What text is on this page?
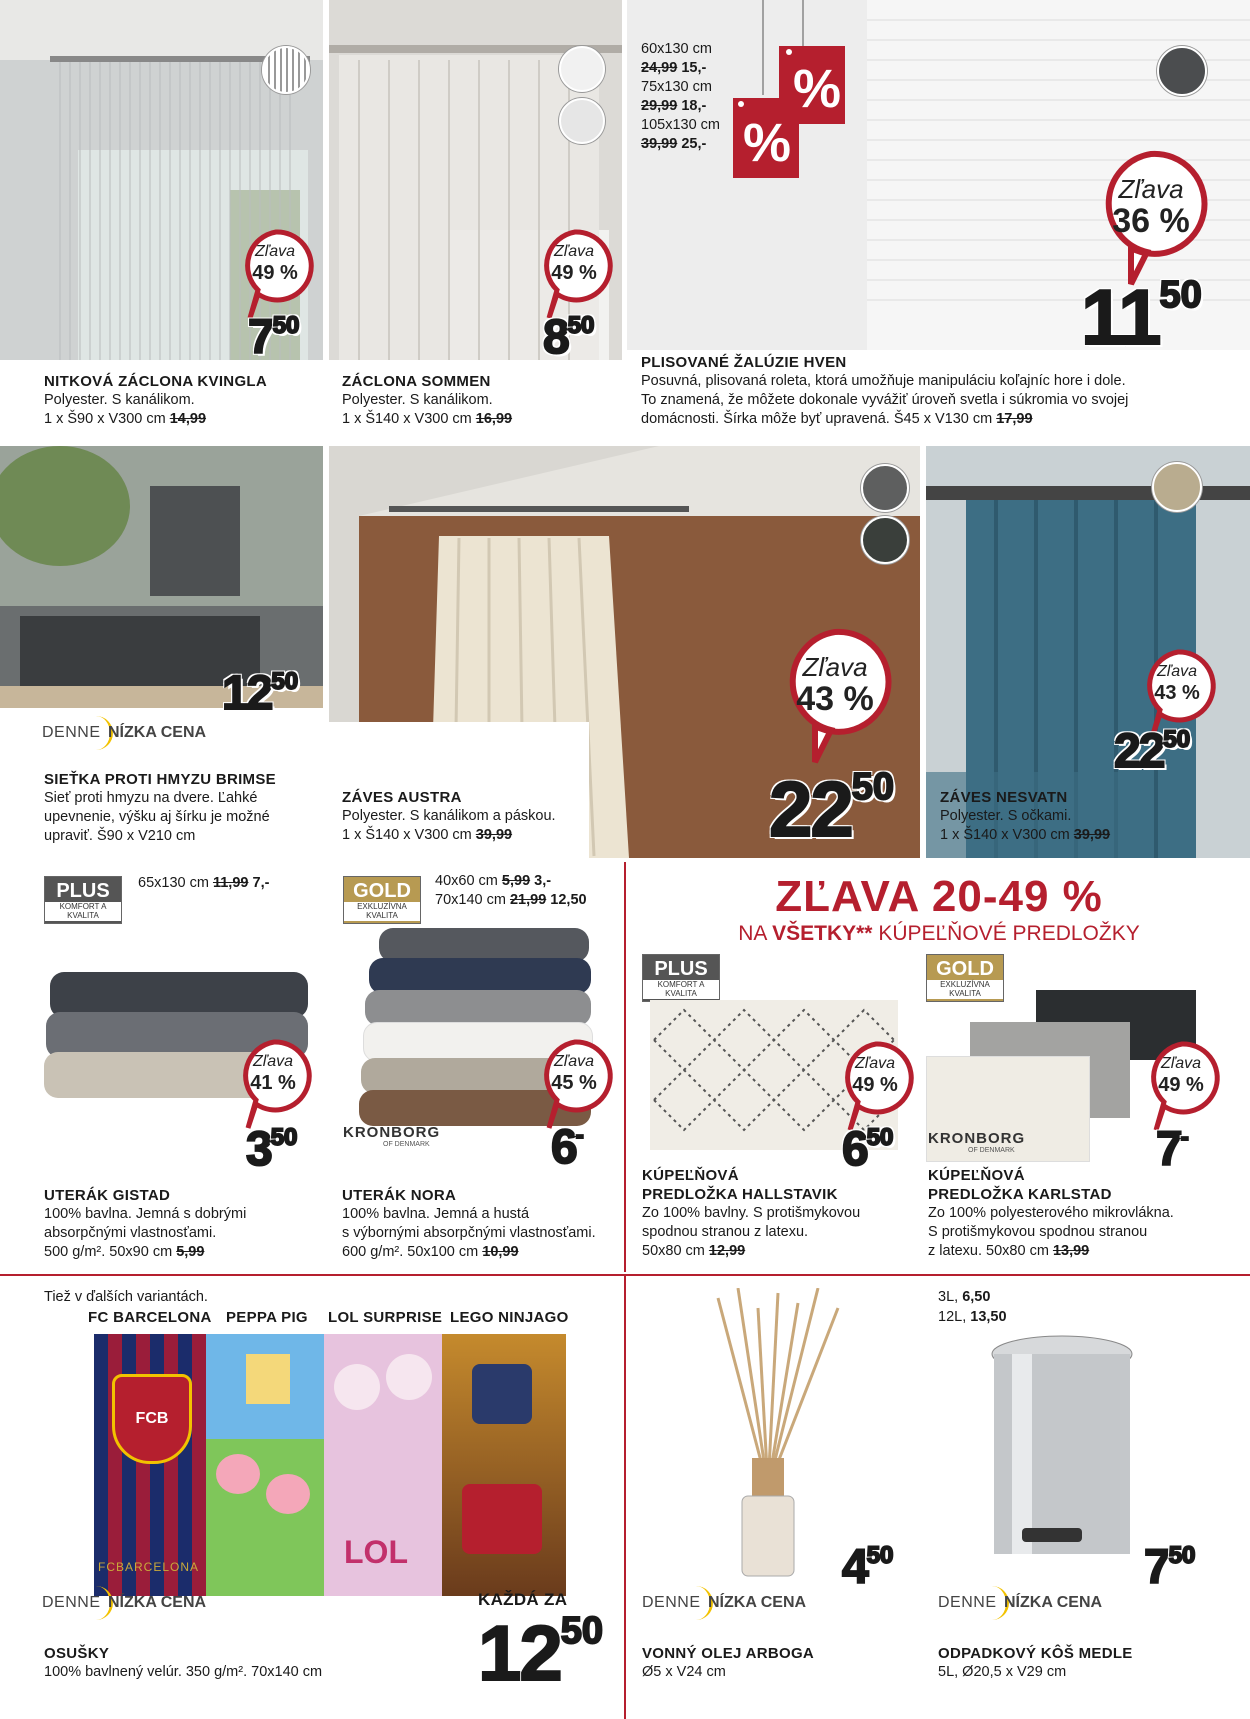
Zľava
49 %
750
NITKOVÁ ZÁCLONA KVINGLA
Polyester. S kanálikom.
1 x Š90 x V300 cm 14,99
Zľava
49 %
850
ZÁCLONA SOMMEN
Polyester. S kanálikom.
1 x Š140 x V300 cm 16,99
%
%
60x130 cm
24,99 15,-
75x130 cm
29,99 18,-
105x130 cm
39,99 25,-
Zľava
36 %
1150
PLISOVANÉ ŽALÚZIE HVEN
Posuvná, plisovaná roleta, ktorá umožňuje manipuláciu koľajníc hore i dole.
To znamená, že môžete dokonale vyvážiť úroveň svetla i súkromia vo svojej
domácnosti. Šírka môže byť upravená. Š45 x V130 cm 17,99
1250
DENNE NÍZKA CENA
SIEŤKA PROTI HMYZU BRIMSE
Sieť proti hmyzu na dvere. Ľahké
upevnenie, výšku aj šírku je možné
upraviť. Š90 x V210 cm
Zľava
43 %
2250
ZÁVES AUSTRA
Polyester. S kanálikom a páskou.
1 x Š140 x V300 cm 39,99
Zľava
43 %
2250
ZÁVES NESVATN
Polyester. S očkami.
1 x Š140 x V300 cm 39,99
PLUS
KOMFORT A KVALITA
65x130 cm 11,99 7,-
Zľava
41 %
350
UTERÁK GISTAD
100% bavlna. Jemná s dobrými
absorpčnými vlastnosťami.
500 g/m². 50x90 cm 5,99
GOLD
EXKLUZÍVNA KVALITA
40x60 cm 5,99 3,-
70x140 cm 21,99 12,50
Zľava
45 %
KRONBORG
OF DENMARK	6-
UTERÁK NORA
100% bavlna. Jemná a hustá
s výbornými absorpčnými vlastnosťami.
600 g/m². 50x100 cm 10,99
ZĽAVA 20-49 %
NA VŠETKY** KÚPEĽŇOVÉ PREDLOŽKY
PLUS
KOMFORT A KVALITA
Zľava
49 %
650
KÚPEĽŇOVÁ
PREDLOŽKA HALLSTAVIK
Zo 100% bavlny. S protišmykovou
spodnou stranou z latexu.
50x80 cm 12,99
GOLD
EXKLUZÍVNA KVALITA
Zľava
49 %
KRONBORG
OF DENMARK	7-
KÚPEĽŇOVÁ
PREDLOŽKA KARLSTAD
Zo 100% polyesterového mikrovlákna.
S protišmykovou spodnou stranou
z latexu. 50x80 cm 13,99
Tiež v ďalších variantách.
FC BARCELONA PEPPA PIG LOL SURPRISE LEGO NINJAGO
FCB
FCBARCELONA	LOL
DENNE NÍZKA CENA	KAŽDÁ ZA
1250
OSUŠKY
100% bavlnený velúr. 350 g/m². 70x140 cm
450
DENNE NÍZKA CENA
VONNÝ OLEJ ARBOGA
Ø5 x V24 cm
3L, 6,50
12L, 13,50
750
DENNE NÍZKA CENA
ODPADKOVÝ KÔŠ MEDLE
5L, Ø20,5 x V29 cm
